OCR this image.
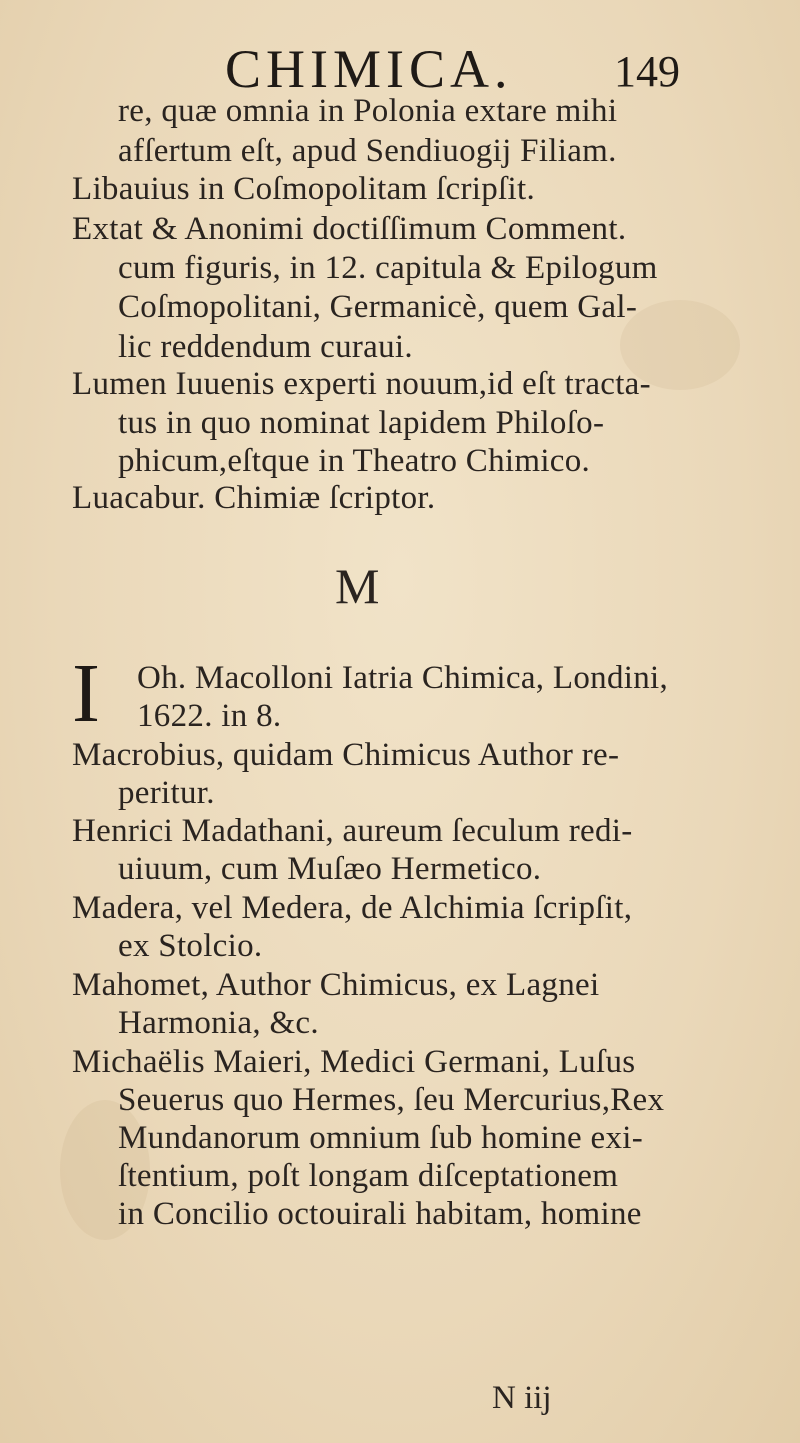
CHIMICA. 149
re, quæ omnia in Polonia extare mihi
afſertum eſt, apud Sendiuogij Filiam.
Libauius in Coſmopolitam ſcripſit.
Extat & Anonimi doctiſſimum Comment.
cum figuris, in 12. capitula & Epilogum
Coſmopolitani, Germanicè, quem Gal-
lic reddendum curaui.
Lumen Iuuenis experti nouum,id eſt tracta-
tus in quo nominat lapidem Philoſo-
phicum,eſtque in Theatro Chimico.
Luacabur. Chimiæ ſcriptor.
M
I Oh. Macolloni Iatria Chimica, Londini,
1622. in 8.
Macrobius, quidam Chimicus Author re-
peritur.
Henrici Madathani, aureum ſeculum redi-
uiuum, cum Muſæo Hermetico.
Madera, vel Medera, de Alchimia ſcripſit,
ex Stolcio.
Mahomet, Author Chimicus, ex Lagnei
Harmonia, &c.
Michaëlis Maieri, Medici Germani, Luſus
Seuerus quo Hermes, ſeu Mercurius,Rex
Mundanorum omnium ſub homine exi-
ſtentium, poſt longam diſceptationem
in Concilio octouirali habitam, homine
N iij
